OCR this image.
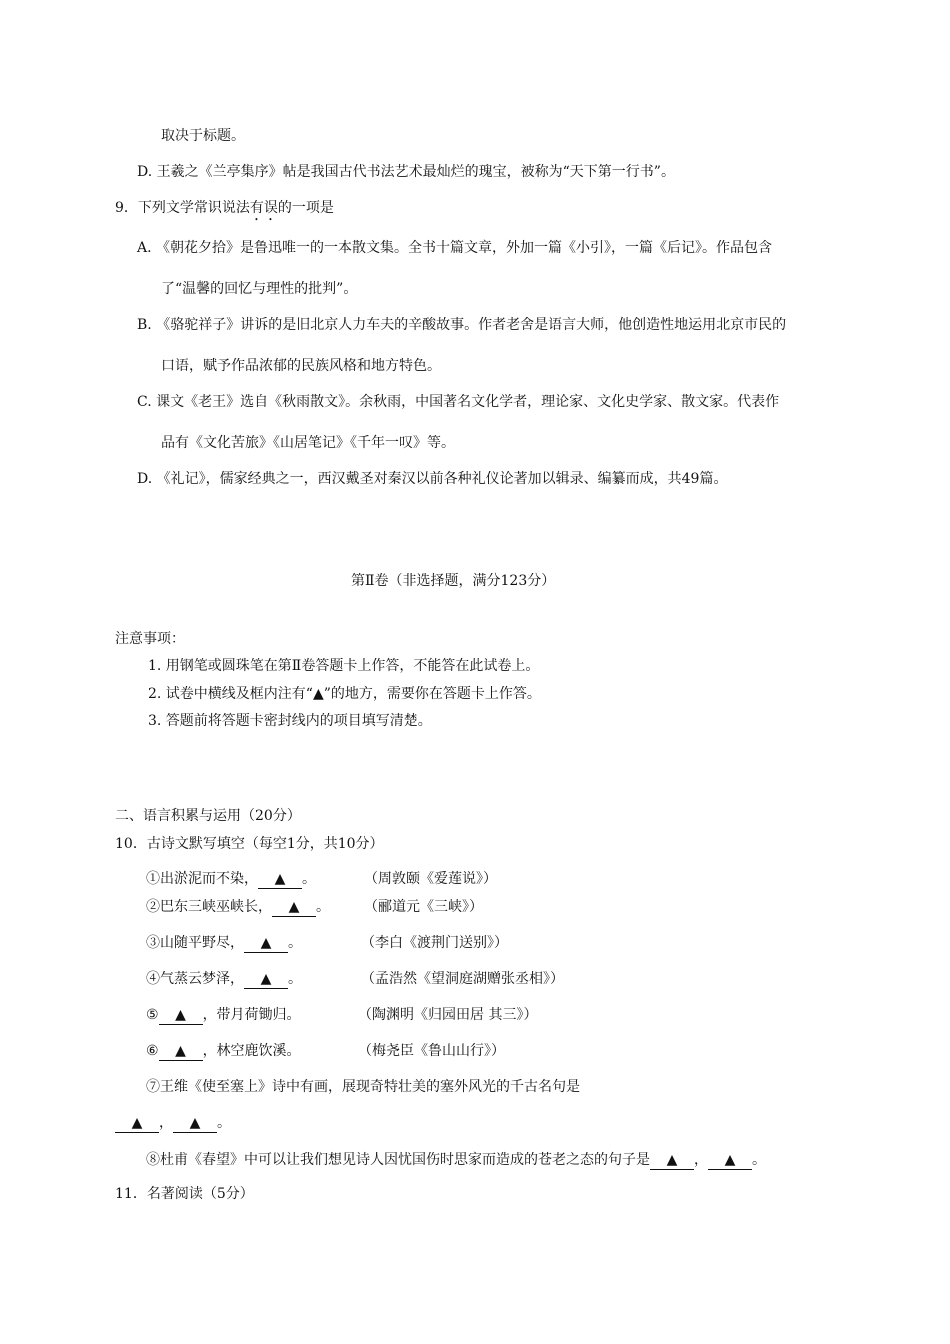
取决于标题。
D. 王羲之《兰亭集序》帖是我国古代书法艺术最灿烂的瑰宝，被称为“天下第一行书”。
9．下列文学常识说法有误的一项是
A. 《朝花夕拾》是鲁迅唯一的一本散文集。全书十篇文章，外加一篇《小引》，一篇《后记》。作品包含
了“温馨的回忆与理性的批判”。
B. 《骆驼祥子》讲诉的是旧北京人力车夫的辛酸故事。作者老舍是语言大师，他创造性地运用北京市民的
口语，赋予作品浓郁的民族风格和地方特色。
C. 课文《老王》选自《秋雨散文》。余秋雨，中国著名文化学者，理论家、文化史学家、散文家。代表作
品有《文化苦旅》《山居笔记》《千年一叹》等。
D. 《礼记》，儒家经典之一，西汉戴圣对秦汉以前各种礼仪论著加以辑录、编纂而成，共49篇。
第Ⅱ卷（非选择题，满分123分）
注意事项：
1. 用钢笔或圆珠笔在第Ⅱ卷答题卡上作答，不能答在此试卷上。
2. 试卷中横线及框内注有“▲”的地方，需要你在答题卡上作答。
3. 答题前将答题卡密封线内的项目填写清楚。
二、语言积累与运用（20分）
10．古诗文默写填空（每空1分，共10分）
①出淤泥而不染， ▲ 。	（周敦颐《爱莲说》）
②巴东三峡巫峡长， ▲ 。 （郦道元《三峡》）
③山随平野尽， ▲ 。	（李白《渡荆门送别》）
④气蒸云梦泽， ▲ 。	（孟浩然《望洞庭湖赠张丞相》）
⑤ ▲ ，带月荷锄归。	（陶渊明《归园田居 其三》）
⑥ ▲ ，林空鹿饮溪。	（梅尧臣《鲁山山行》）
⑦王维《使至塞上》诗中有画，展现奇特壮美的塞外风光的千古名句是
▲ ， ▲ 。
⑧杜甫《春望》中可以让我们想见诗人因忧国伤时思家而造成的苍老之态的句子是 ▲ ， ▲ 。
11．名著阅读（5分）
